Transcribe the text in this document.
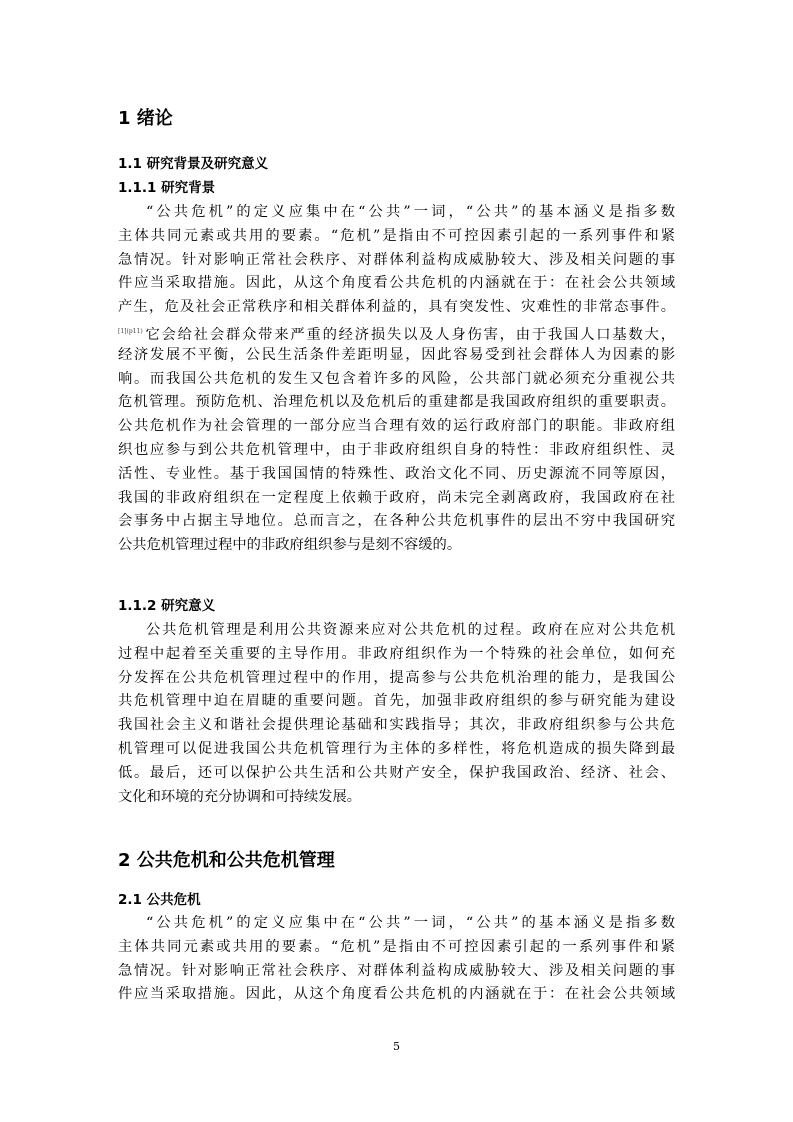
1 绪论
1.1 研究背景及研究意义
1.1.1 研究背景
“公共危机”的定义应集中在“公共”一词，“公共”的基本涵义是指多数
主体共同元素或共用的要素。“危机”是指由不可控因素引起的一系列事件和紧
急情况。针对影响正常社会秩序、对群体利益构成威胁较大、涉及相关问题的事
件应当采取措施。因此，从这个角度看公共危机的内涵就在于：在社会公共领域
产生，危及社会正常秩序和相关群体利益的，具有突发性、灾难性的非常态事件。
$^{[1](p11)}$它会给社会群众带来严重的经济损失以及人身伤害，由于我国人口基数大，
经济发展不平衡，公民生活条件差距明显，因此容易受到社会群体人为因素的影
响。而我国公共危机的发生又包含着许多的风险，公共部门就必须充分重视公共
危机管理。预防危机、治理危机以及危机后的重建都是我国政府组织的重要职责。
公共危机作为社会管理的一部分应当合理有效的运行政府部门的职能。非政府组
织也应参与到公共危机管理中，由于非政府组织自身的特性：非政府组织性、灵
活性、专业性。基于我国国情的特殊性、政治文化不同、历史源流不同等原因，
我国的非政府组织在一定程度上依赖于政府，尚未完全剥离政府，我国政府在社
会事务中占据主导地位。总而言之，在各种公共危机事件的层出不穷中我国研究
公共危机管理过程中的非政府组织参与是刻不容缓的。
1.1.2 研究意义
公共危机管理是利用公共资源来应对公共危机的过程。政府在应对公共危机
过程中起着至关重要的主导作用。非政府组织作为一个特殊的社会单位，如何充
分发挥在公共危机管理过程中的作用，提高参与公共危机治理的能力，是我国公
共危机管理中迫在眉睫的重要问题。首先，加强非政府组织的参与研究能为建设
我国社会主义和谐社会提供理论基础和实践指导；其次，非政府组织参与公共危
机管理可以促进我国公共危机管理行为主体的多样性，将危机造成的损失降到最
低。最后，还可以保护公共生活和公共财产安全，保护我国政治、经济、社会、
文化和环境的充分协调和可持续发展。
2 公共危机和公共危机管理
2.1 公共危机
“公共危机”的定义应集中在“公共”一词，“公共”的基本涵义是指多数
主体共同元素或共用的要素。“危机”是指由不可控因素引起的一系列事件和紧
急情况。针对影响正常社会秩序、对群体利益构成威胁较大、涉及相关问题的事
件应当采取措施。因此，从这个角度看公共危机的内涵就在于：在社会公共领域
5
